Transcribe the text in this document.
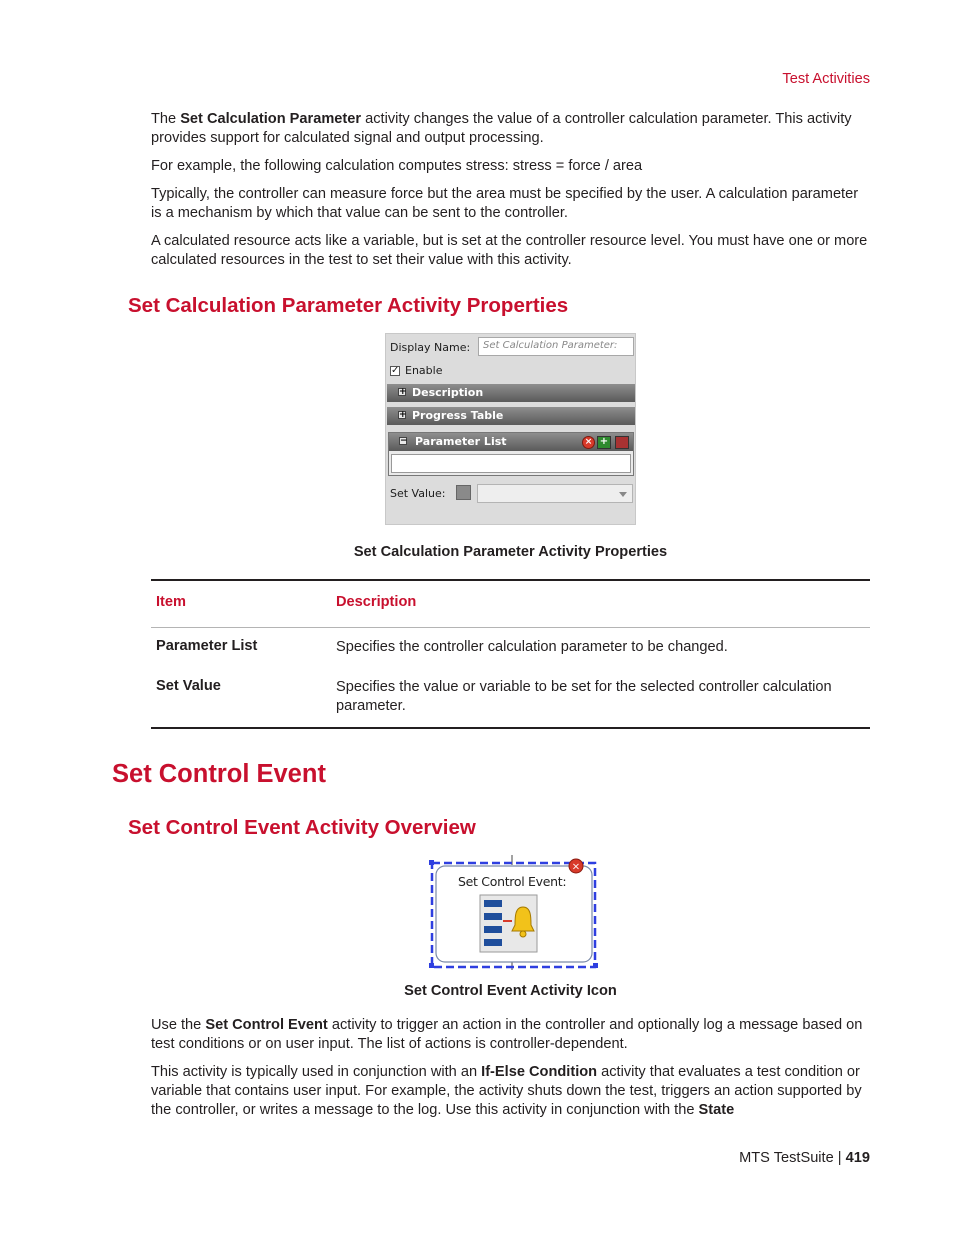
Test Activities

The Set Calculation Parameter activity changes the value of a controller calculation parameter. This activity provides support for calculated signal and output processing.

For example, the following calculation computes stress: stress = force / area

Typically, the controller can measure force but the area must be specified by the user. A calculation parameter is a mechanism by which that value can be sent to the controller.

A calculated resource acts like a variable, but is set at the controller resource level. You must have one or more calculated resources in the test to set their value with this activity.

Set Calculation Parameter Activity Properties
Display Name:	Set Calculation Parameter:
✓ Enable
+ Description
+ Progress Table
− Parameter List	× +
Set Value:
Set Calculation Parameter Activity Properties
Item	Description
Parameter List	Specifies the controller calculation parameter to be changed.
Set Value	Specifies the value or variable to be set for the selected controller calculation parameter.
Set Control Event
Set Control Event Activity Overview
×
Set Control Event:
Set Control Event Activity Icon

Use the Set Control Event activity to trigger an action in the controller and optionally log a message based on test conditions or on user input. The list of actions is controller-dependent.

This activity is typically used in conjunction with an If-Else Condition activity that evaluates a test condition or variable that contains user input. For example, the activity shuts down the test, triggers an action supported by the controller, or writes a message to the log. Use this activity in conjunction with the State

MTS TestSuite | 419
